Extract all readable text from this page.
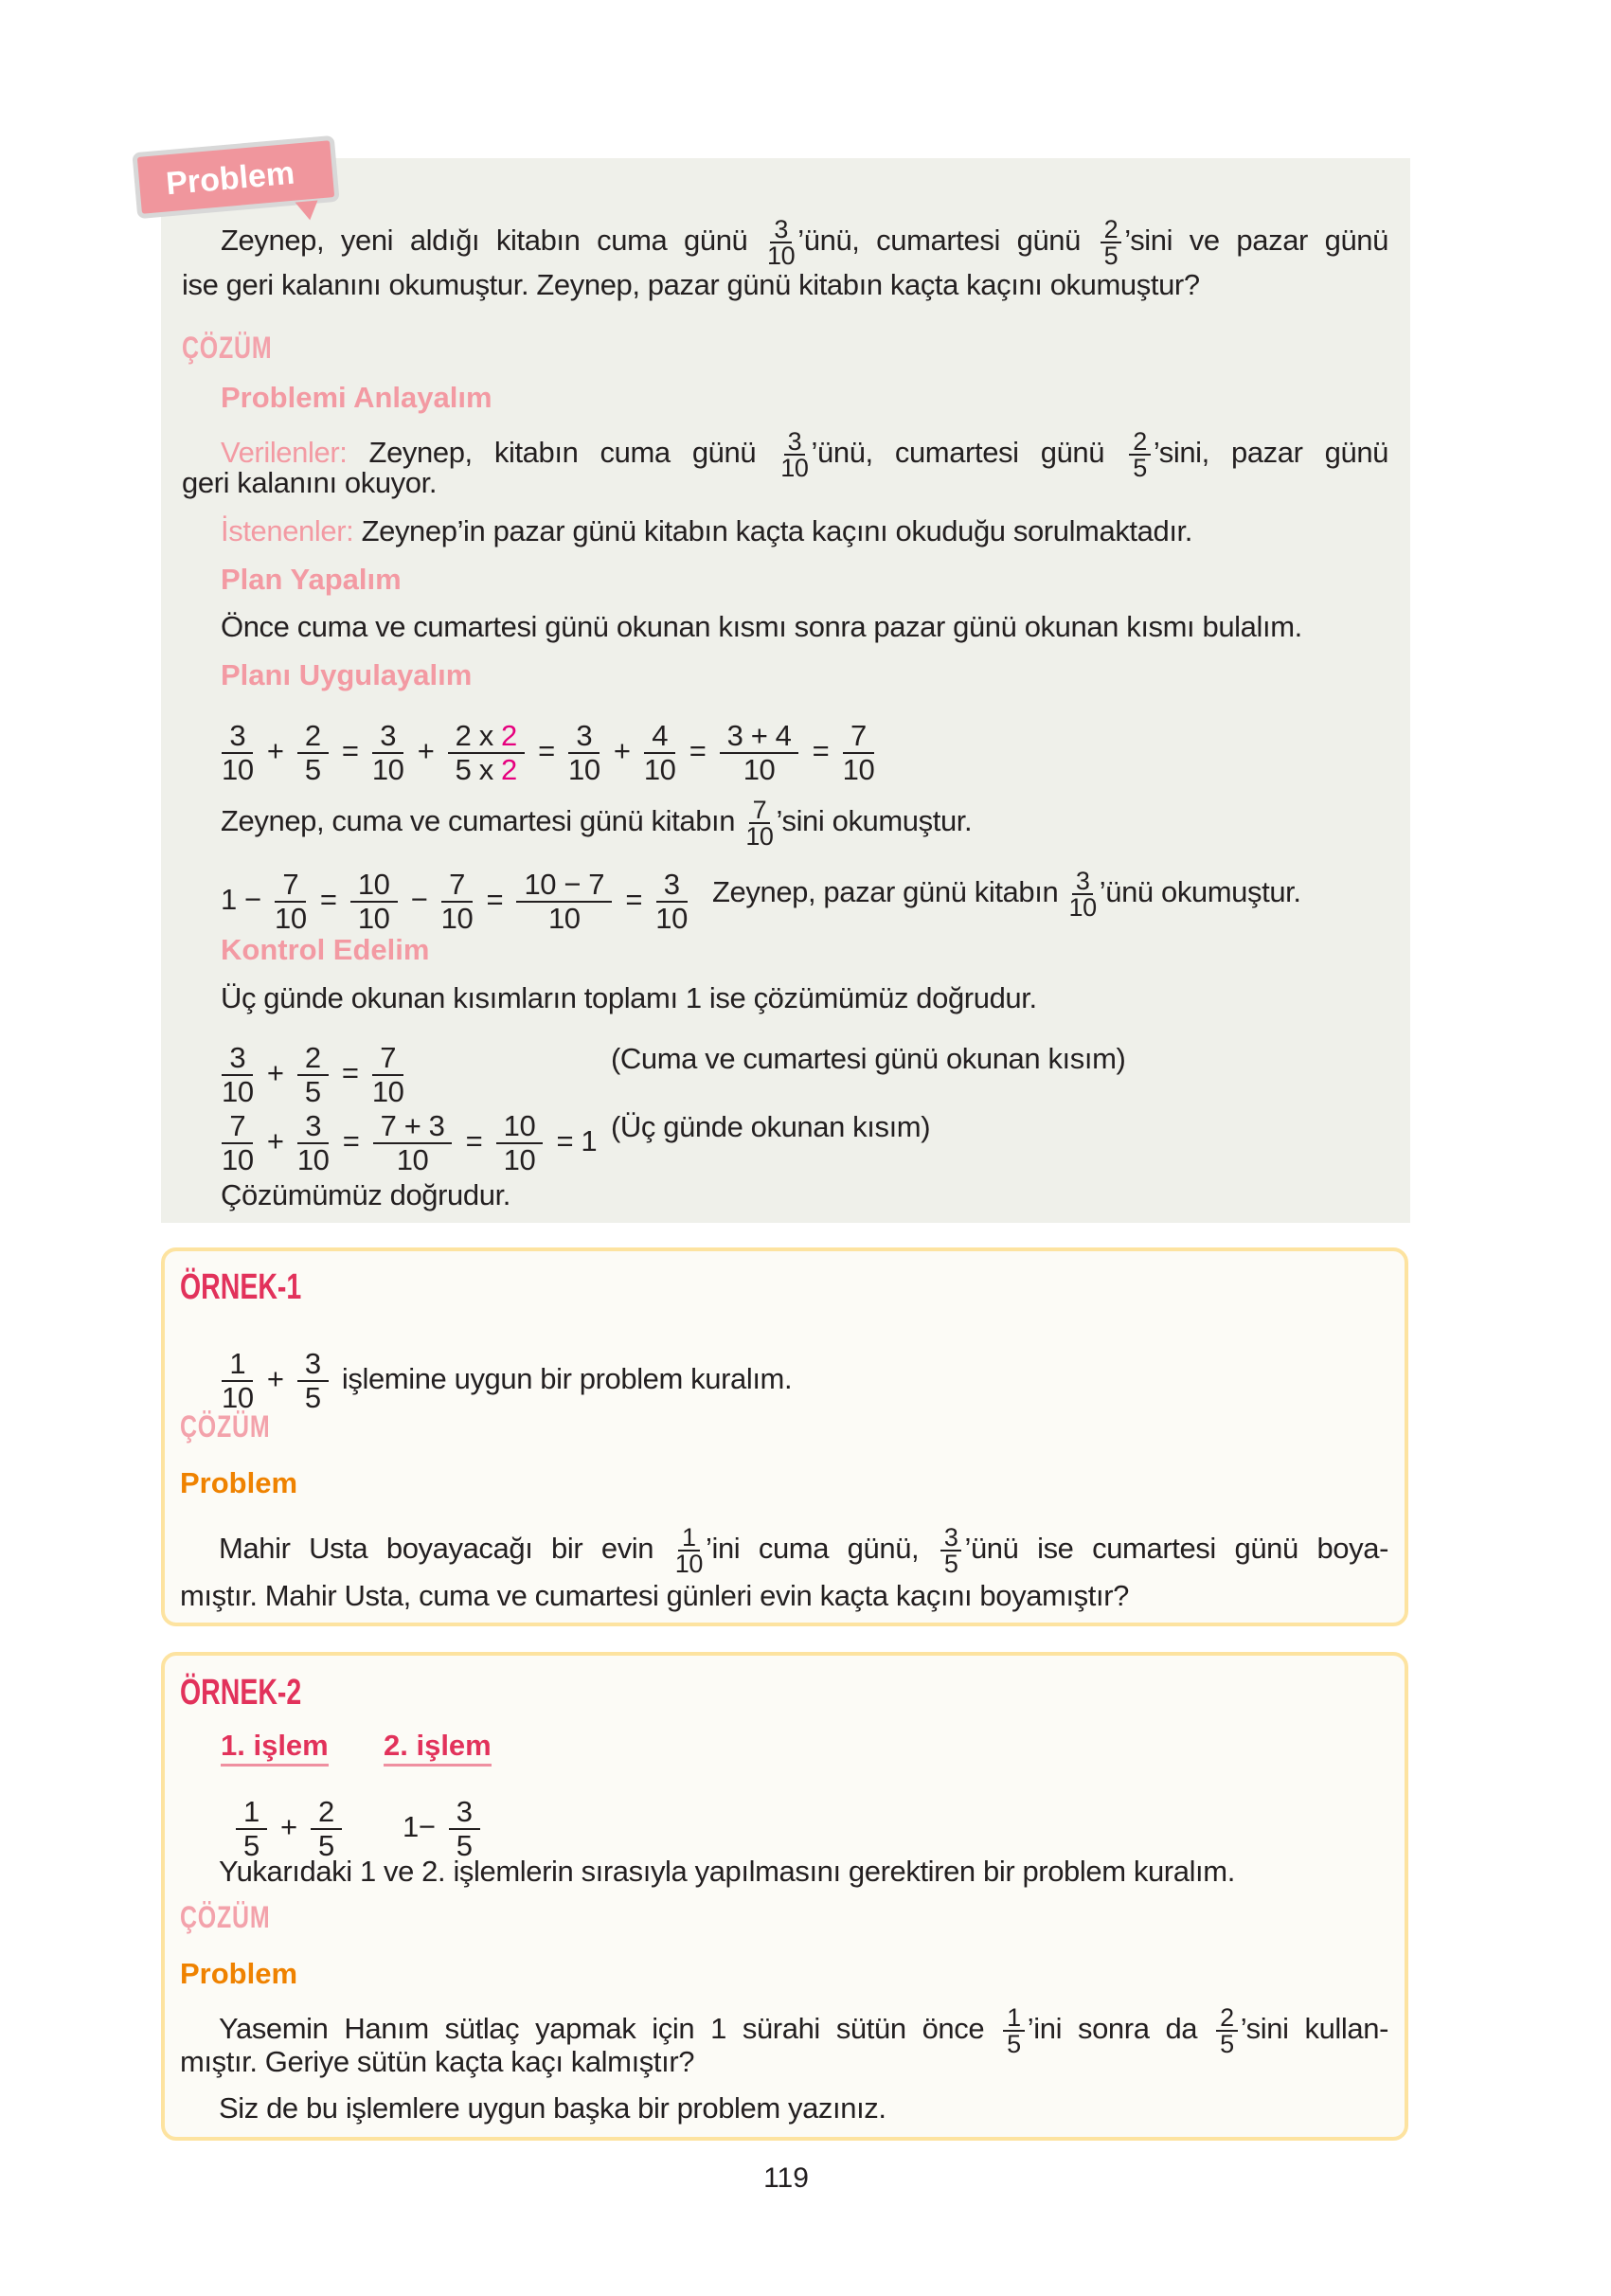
Problem
Zeynep, yeni aldığı kitabın cuma günü $\frac{3}{10}$ ’ünü, cumartesi günü $\frac{2}{5}$ ’sini ve pazar günü
ise geri kalanını okumuştur. Zeynep, pazar günü kitabın kaçta kaçını okumuştur?
ÇÖZÜM
Problemi Anlayalım
Verilenler: Zeynep, kitabın cuma günü $\frac{3}{10}$ ’ünü, cumartesi günü $\frac{2}{5}$ ’sini, pazar günü
geri kalanını okuyor.
İstenenler: Zeynep’in pazar günü kitabın kaçta kaçını okuduğu sorulmaktadır.
Plan Yapalım
Önce cuma ve cumartesi günü okunan kısmı sonra pazar günü okunan kısmı bulalım.
Planı Uygulayalım
$\frac{3}{10} + \frac{2}{5} = \frac{3}{10} + \frac{2 x 2}{5 x 2} = \frac{3}{10} + \frac{4}{10} = \frac{3 + 4}{10} = \frac{7}{10}$
Zeynep, cuma ve cumartesi günü kitabın $\frac{7}{10}$ ’sini okumuştur.
$1 - \frac{7}{10} = \frac{10}{10} - \frac{7}{10} = \frac{10 - 7}{10} = \frac{3}{10}$ Zeynep, pazar günü kitabın $\frac{3}{10}$ ’ünü okumuştur.
Kontrol Edelim
Üç günde okunan kısımların toplamı 1 ise çözümümüz doğrudur.
$\frac{3}{10} + \frac{2}{5} = \frac{7}{10}$	(Cuma ve cumartesi günü okunan kısım)
$\frac{7}{10} + \frac{3}{10} = \frac{7 + 3}{10} = \frac{10}{10} = 1$ (Üç günde okunan kısım)
Çözümümüz doğrudur.
ÖRNEK-1
$\frac{1}{10} + \frac{3}{5}$ işlemine uygun bir problem kuralım.
ÇÖZÜM
Problem
Mahir Usta boyayacağı bir evin $\frac{1}{10}$ ’ini cuma günü, $\frac{3}{5}$ ’ünü ise cumartesi günü boya-
mıştır. Mahir Usta, cuma ve cumartesi günleri evin kaçta kaçını boyamıştır?
ÖRNEK-2
1. işlem 2. işlem
$\frac{1}{5} + \frac{2}{5} 1- \frac{3}{5}$
Yukarıdaki 1 ve 2. işlemlerin sırasıyla yapılmasını gerektiren bir problem kuralım.
ÇÖZÜM
Problem
Yasemin Hanım sütlaç yapmak için 1 sürahi sütün önce $\frac{1}{5}$ ’ini sonra da $\frac{2}{5}$ ’sini kullan-
mıştır. Geriye sütün kaçta kaçı kalmıştır?
Siz de bu işlemlere uygun başka bir problem yazınız.
119
